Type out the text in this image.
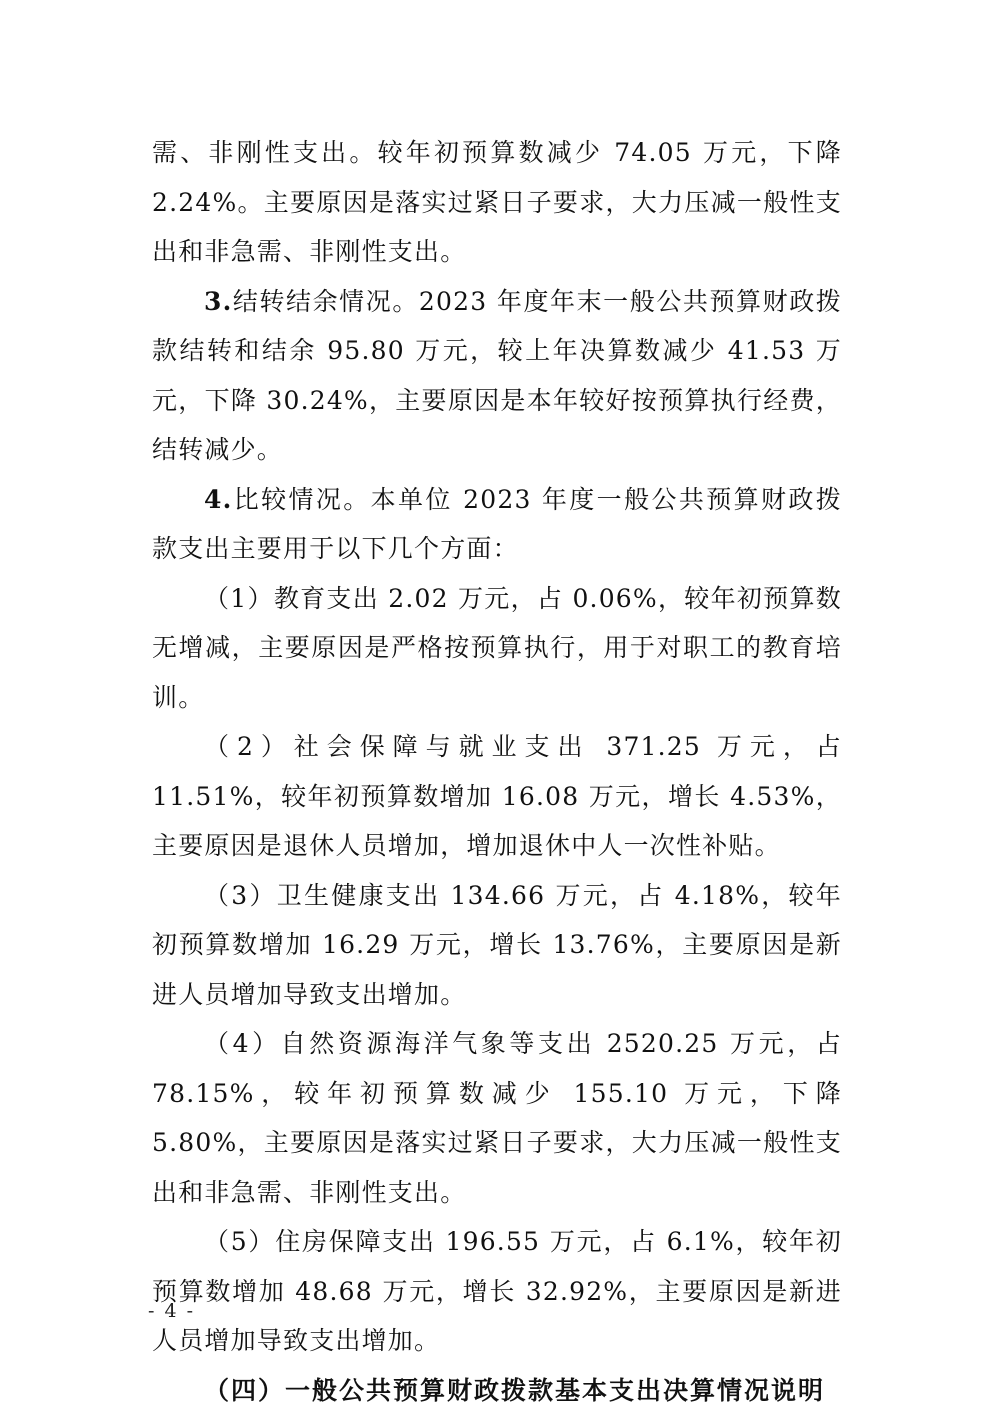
需、非刚性支出。较年初预算数减少 74.05 万元，下降 2.24%。主要原因是落实过紧日子要求，大力压减一般性支出和非急需、非刚性支出。

3.结转结余情况。2023 年度年末一般公共预算财政拨款结转和结余 95.80 万元，较上年决算数减少 41.53 万元，下降 30.24%，主要原因是本年较好按预算执行经费，结转减少。

4.比较情况。本单位 2023 年度一般公共预算财政拨款支出主要用于以下几个方面：

（1）教育支出 2.02 万元，占 0.06%，较年初预算数无增减，主要原因是严格按预算执行，用于对职工的教育培训。

（2）社会保障与就业支出 371.25 万元，占 11.51%，较年初预算数增加 16.08 万元，增长 4.53%，主要原因是退休人员增加，增加退休中人一次性补贴。

（3）卫生健康支出 134.66 万元，占 4.18%，较年初预算数增加 16.29 万元，增长 13.76%，主要原因是新进人员增加导致支出增加。

（4）自然资源海洋气象等支出 2520.25 万元，占 78.15%，较年初预算数减少 155.10 万元，下降 5.80%，主要原因是落实过紧日子要求，大力压减一般性支出和非急需、非刚性支出。

（5）住房保障支出 196.55 万元，占 6.1%，较年初预算数增加 48.68 万元，增长 32.92%，主要原因是新进人员增加导致支出增加。

（四）一般公共预算财政拨款基本支出决算情况说明

- 4 -
